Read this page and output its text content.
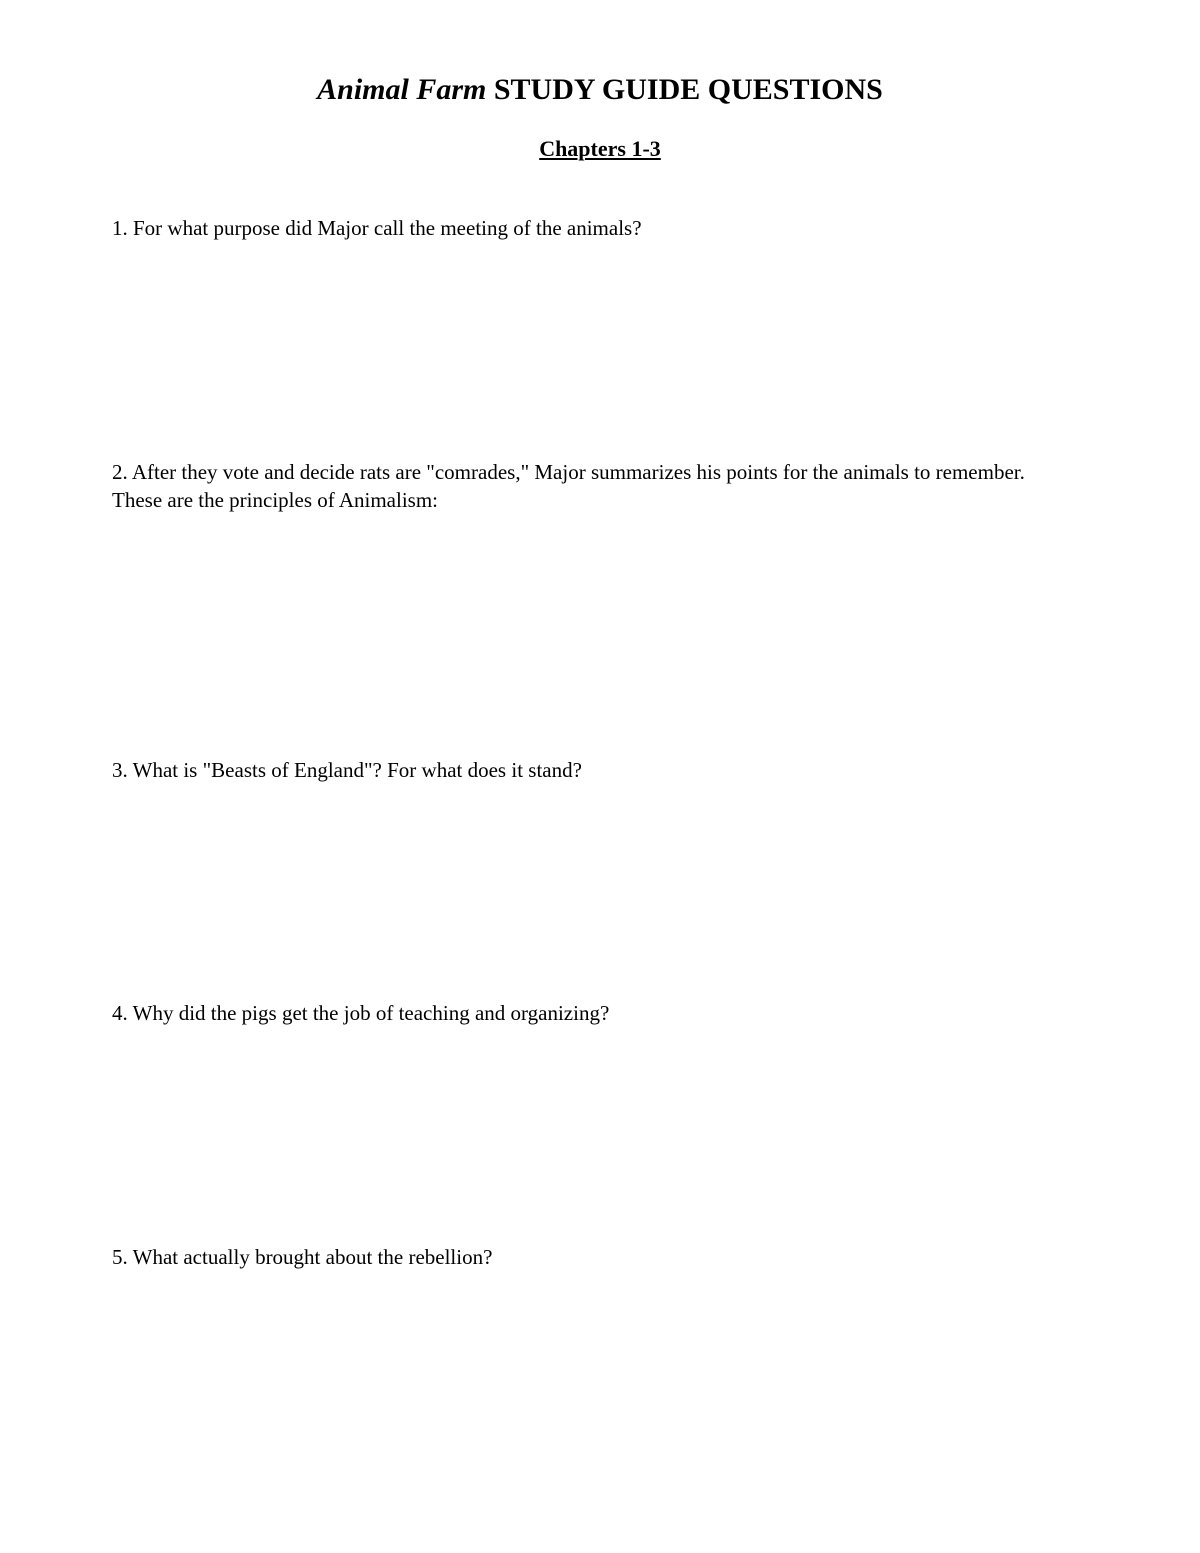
Animal Farm STUDY GUIDE QUESTIONS
Chapters 1-3

1. For what purpose did Major call the meeting of the animals?

2. After they vote and decide rats are "comrades," Major summarizes his points for the animals to remember. These are the principles of Animalism:

3. What is "Beasts of England"? For what does it stand?

4. Why did the pigs get the job of teaching and organizing?

5. What actually brought about the rebellion?
